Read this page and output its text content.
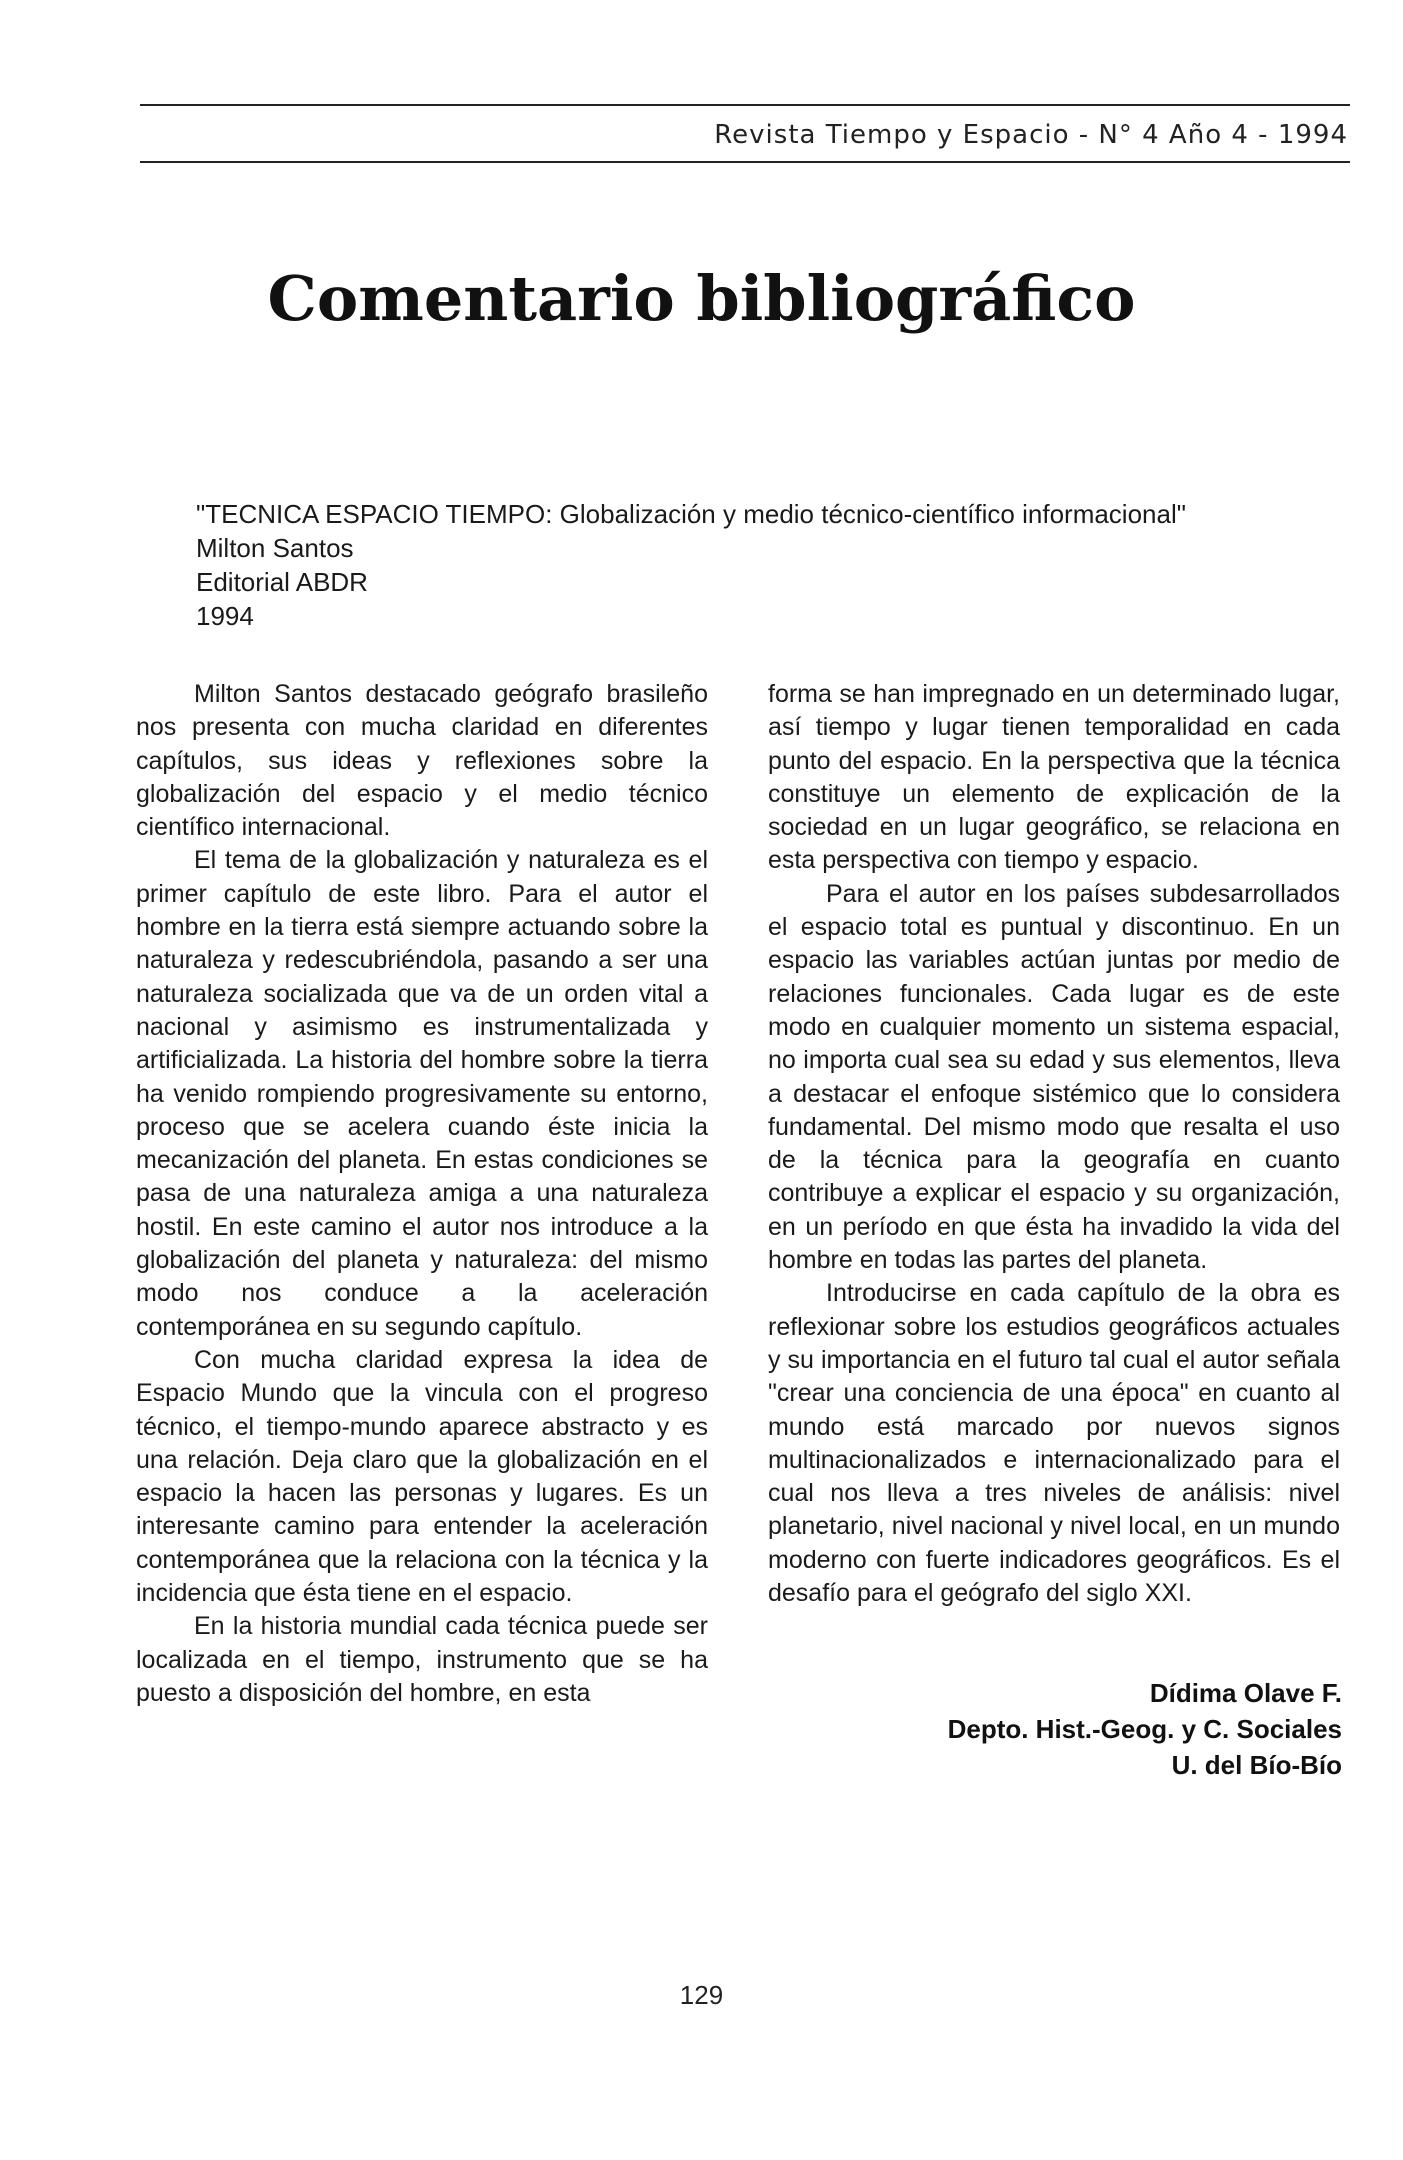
Revista Tiempo y Espacio - N° 4 Año 4 - 1994
Comentario bibliográfico
"TECNICA ESPACIO TIEMPO: Globalización y medio técnico-científico informacional"
Milton Santos
Editorial ABDR
1994

Milton Santos destacado geógrafo brasileño nos presenta con mucha claridad en diferentes capítulos, sus ideas y reflexiones sobre la globalización del espacio y el medio técnico científico internacional.

El tema de la globalización y naturaleza es el primer capítulo de este libro. Para el autor el hombre en la tierra está siempre actuando sobre la naturaleza y redescubriéndola, pasando a ser una naturaleza socializada que va de un orden vital a nacional y asimismo es instrumentalizada y artificializada. La historia del hombre sobre la tierra ha venido rompiendo progresivamente su entorno, proceso que se acelera cuando éste inicia la mecanización del planeta. En estas condiciones se pasa de una naturaleza amiga a una naturaleza hostil. En este camino el autor nos introduce a la globalización del planeta y naturaleza: del mismo modo nos conduce a la aceleración contemporánea en su segundo capítulo.

Con mucha claridad expresa la idea de Espacio Mundo que la vincula con el progreso técnico, el tiempo-mundo aparece abstracto y es una relación. Deja claro que la globalización en el espacio la hacen las personas y lugares. Es un interesante camino para entender la aceleración contemporánea que la relaciona con la técnica y la incidencia que ésta tiene en el espacio.

En la historia mundial cada técnica puede ser localizada en el tiempo, instrumento que se ha puesto a disposición del hombre, en esta

forma se han impregnado en un determinado lugar, así tiempo y lugar tienen temporalidad en cada punto del espacio. En la perspectiva que la técnica constituye un elemento de explicación de la sociedad en un lugar geográfico, se relaciona en esta perspectiva con tiempo y espacio.

Para el autor en los países subdesarrollados el espacio total es puntual y discontinuo. En un espacio las variables actúan juntas por medio de relaciones funcionales. Cada lugar es de este modo en cualquier momento un sistema espacial, no importa cual sea su edad y sus elementos, lleva a destacar el enfoque sistémico que lo considera fundamental. Del mismo modo que resalta el uso de la técnica para la geografía en cuanto contribuye a explicar el espacio y su organización, en un período en que ésta ha invadido la vida del hombre en todas las partes del planeta.

Introducirse en cada capítulo de la obra es reflexionar sobre los estudios geográficos actuales y su importancia en el futuro tal cual el autor señala "crear una conciencia de una época" en cuanto al mundo está marcado por nuevos signos multinacionalizados e internacionalizado para el cual nos lleva a tres niveles de análisis: nivel planetario, nivel nacional y nivel local, en un mundo moderno con fuerte indicadores geográficos. Es el desafío para el geógrafo del siglo XXI.

Dídima Olave F.
Depto. Hist.-Geog. y C. Sociales
U. del Bío-Bío
129
